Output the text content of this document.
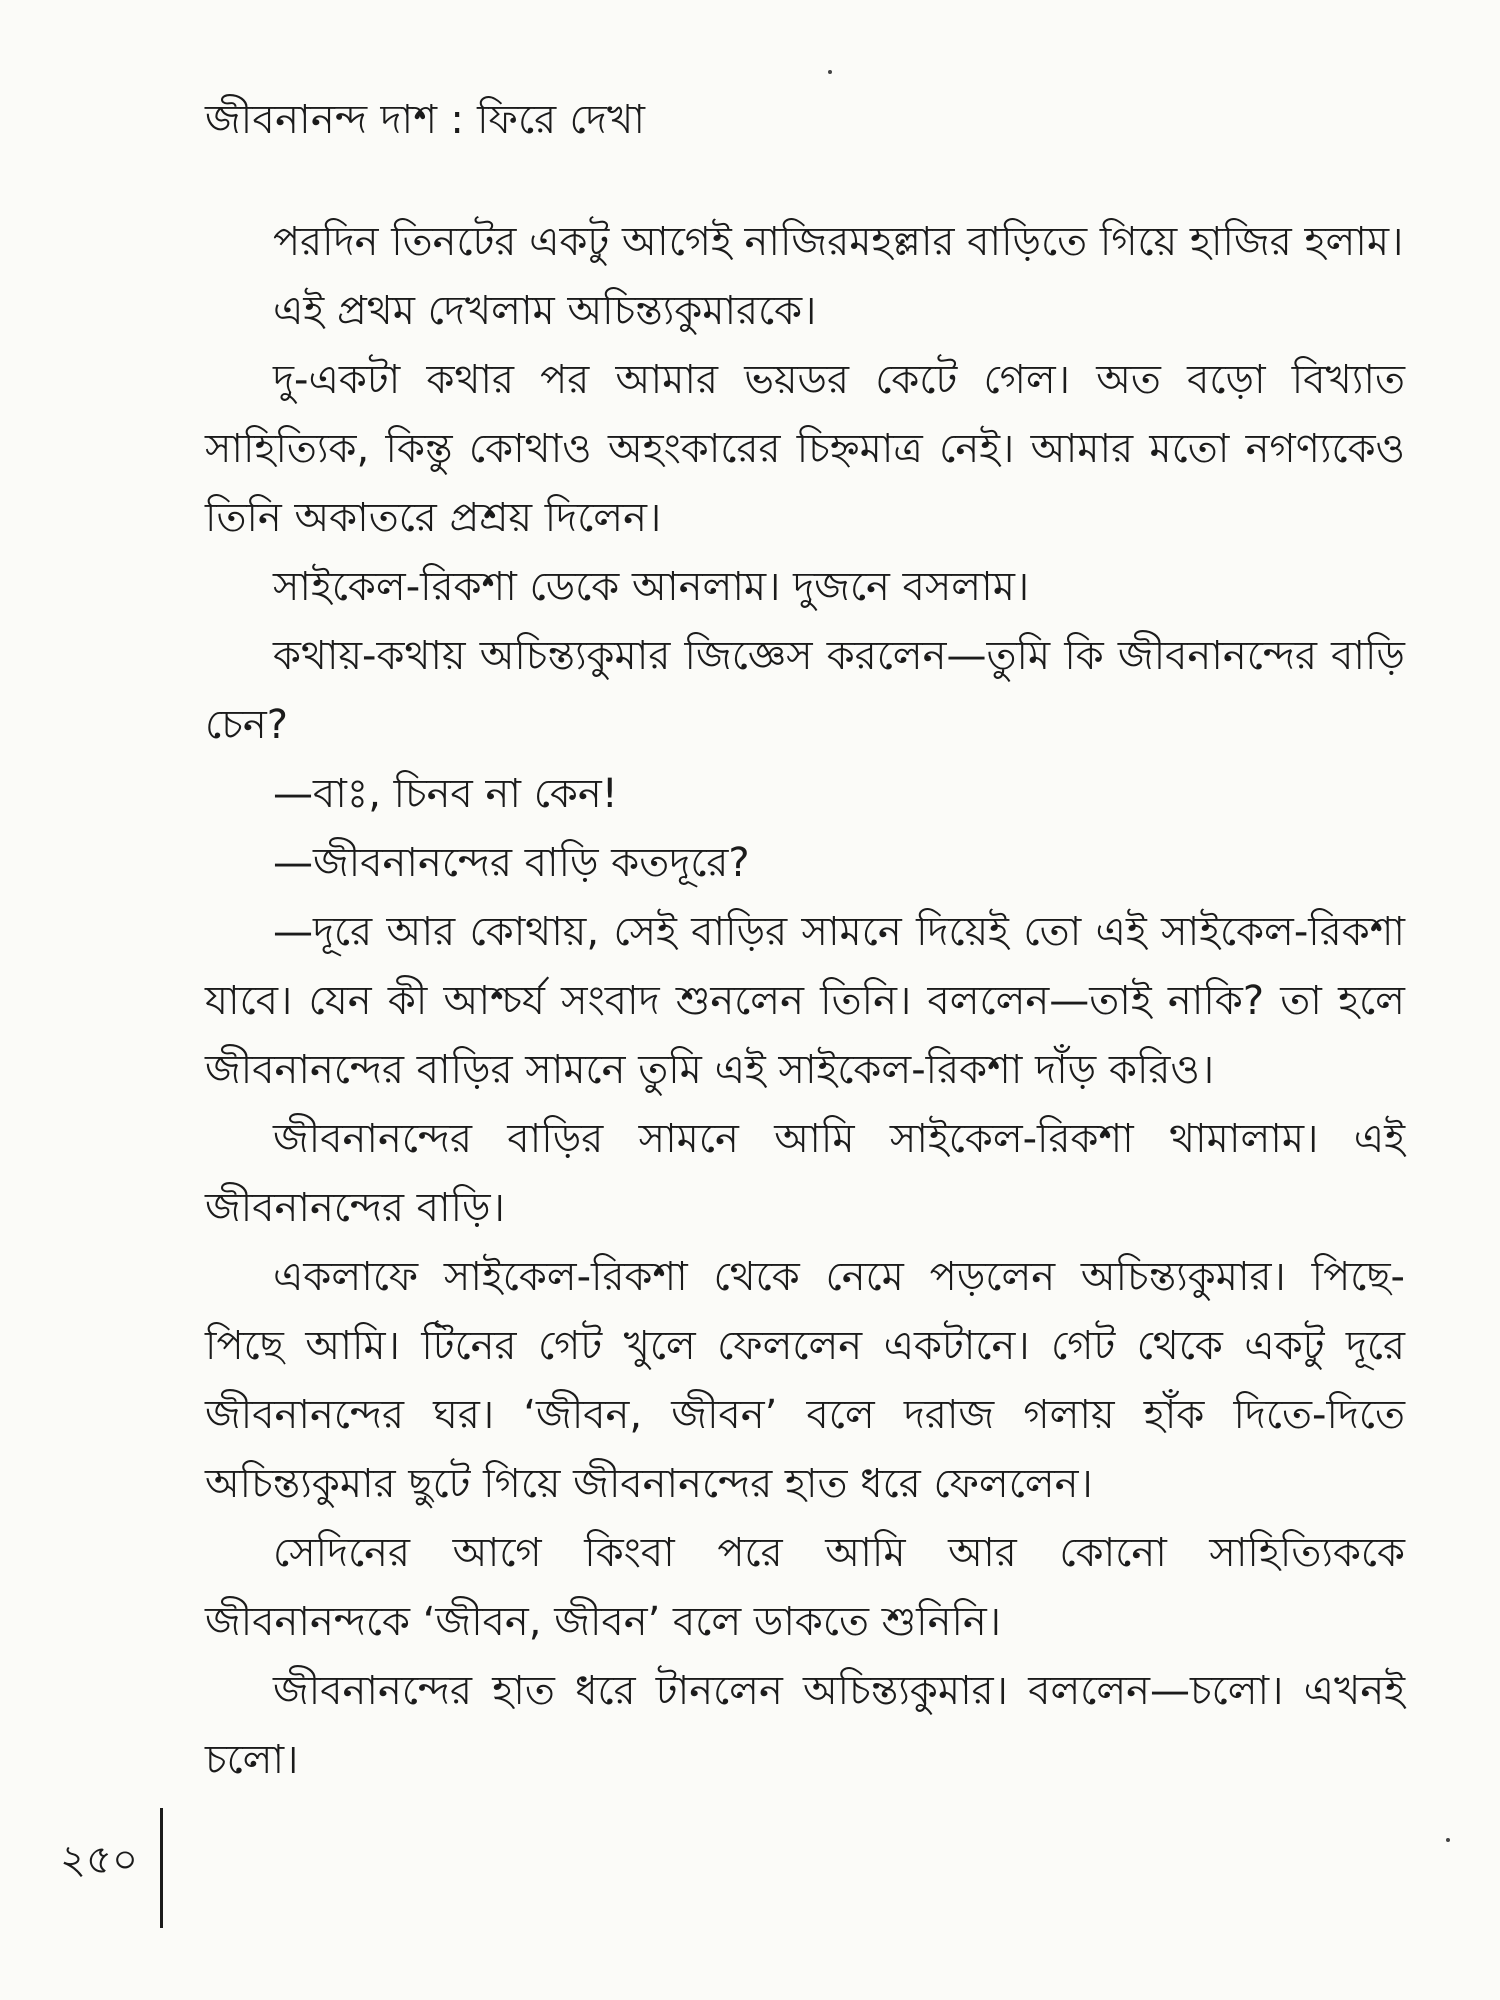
জীবনানন্দ দাশ : ফিরে দেখা

পরদিন তিনটের একটু আগেই নাজিরমহল্লার বাড়িতে গিয়ে হাজির হলাম।

এই প্রথম দেখলাম অচিন্ত্যকুমারকে।

দু-একটা কথার পর আমার ভয়ডর কেটে গেল। অত বড়ো বিখ্যাত সাহিত্যিক, কিন্তু কোথাও অহংকারের চিহ্নমাত্র নেই। আমার মতো নগণ্যকেও তিনি অকাতরে প্রশ্রয় দিলেন।

সাইকেল-রিকশা ডেকে আনলাম। দুজনে বসলাম।

কথায়-কথায় অচিন্ত্যকুমার জিজ্ঞেস করলেন—তুমি কি জীবনানন্দের বাড়ি চেন?

—বাঃ, চিনব না কেন!

—জীবনানন্দের বাড়ি কতদূরে?

—দূরে আর কোথায়, সেই বাড়ির সামনে দিয়েই তো এই সাইকেল-রিকশা যাবে। যেন কী আশ্চর্য সংবাদ শুনলেন তিনি। বললেন—তাই নাকি? তা হলে জীবনানন্দের বাড়ির সামনে তুমি এই সাইকেল-রিকশা দাঁড় করিও।

জীবনানন্দের বাড়ির সামনে আমি সাইকেল-রিকশা থামালাম। এই জীবনানন্দের বাড়ি।

একলাফে সাইকেল-রিকশা থেকে নেমে পড়লেন অচিন্ত্যকুমার। পিছে-পিছে আমি। টিনের গেট খুলে ফেললেন একটানে। গেট থেকে একটু দূরে জীবনানন্দের ঘর। ‘জীবন, জীবন’ বলে দরাজ গলায় হাঁক দিতে-দিতে অচিন্ত্যকুমার ছুটে গিয়ে জীবনানন্দের হাত ধরে ফেললেন।

সেদিনের আগে কিংবা পরে আমি আর কোনো সাহিত্যিককে জীবনানন্দকে ‘জীবন, জীবন’ বলে ডাকতে শুনিনি।

জীবনানন্দের হাত ধরে টানলেন অচিন্ত্যকুমার। বললেন—চলো। এখনই চলো।

২৫০
